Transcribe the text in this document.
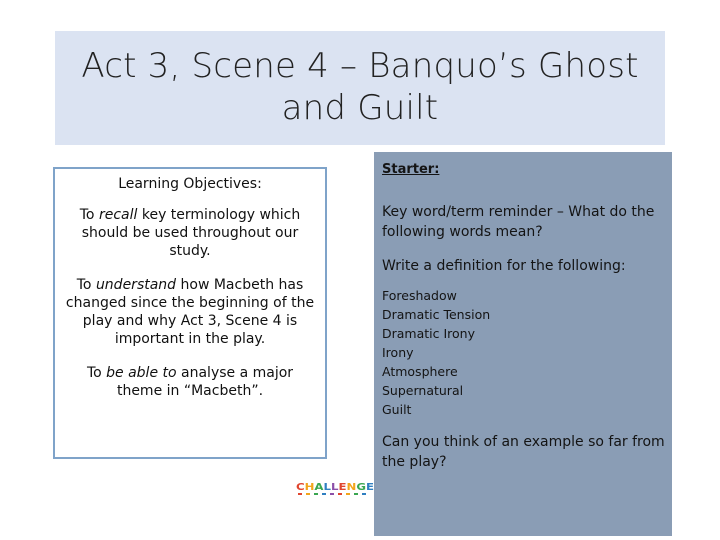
Act 3, Scene 4 – Banquo’s Ghost
and Guilt

Learning Objectives:

To recall key terminology which should be used throughout our study.

To understand how Macbeth has changed since the beginning of the play and why Act 3, Scene 4 is important in the play.

To be able to analyse a major theme in “Macbeth”.

CHALLENGE

Starter:

Key word/term reminder – What do the following words mean?

Write a definition for the following:

Foreshadow
Dramatic Tension
Dramatic Irony
Irony
Atmosphere
Supernatural
Guilt

Can you think of an example so far from the play?
